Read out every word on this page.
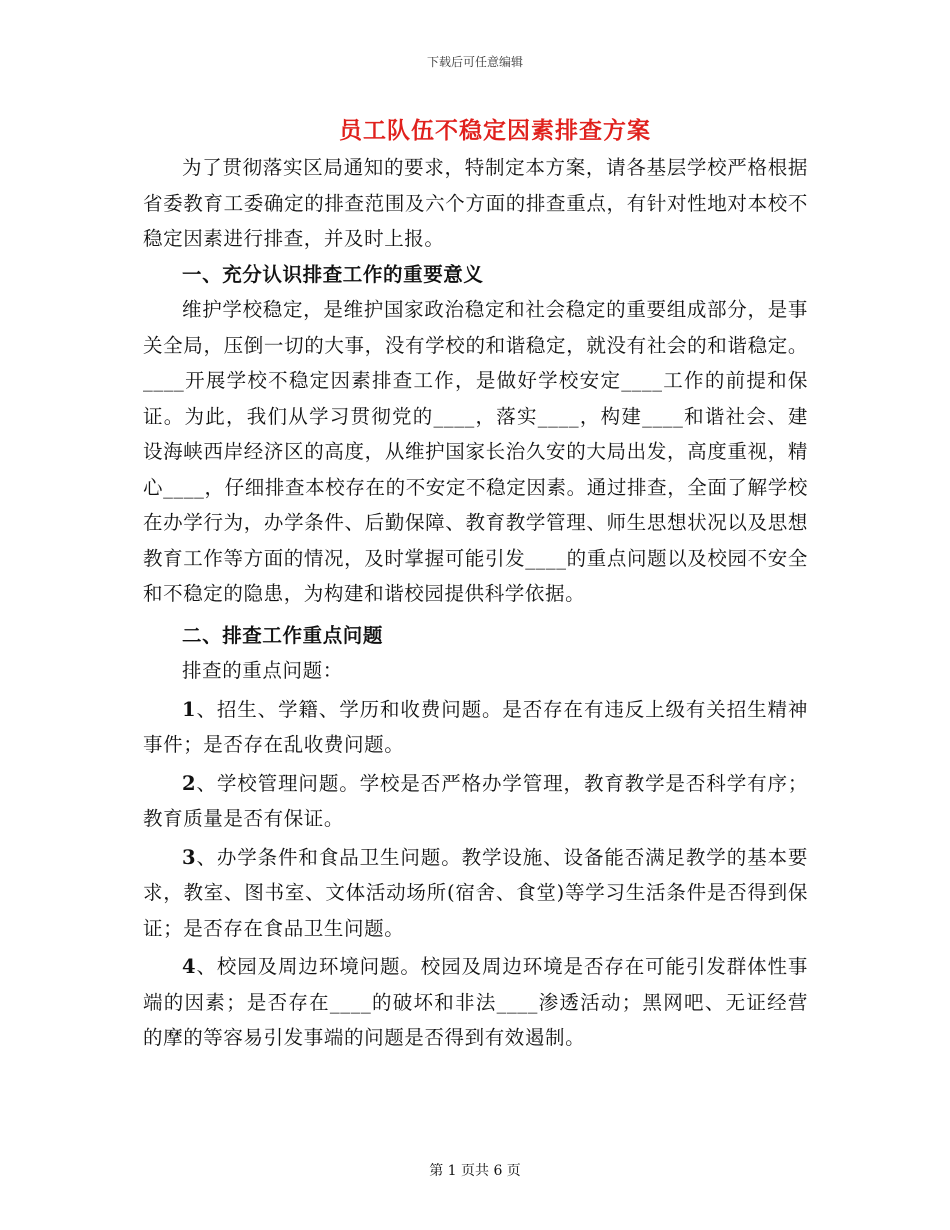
下载后可任意编辑
员工队伍不稳定因素排查方案

为了贯彻落实区局通知的要求，特制定本方案，请各基层学校严格根据省委教育工委确定的排查范围及六个方面的排查重点，有针对性地对本校不稳定因素进行排查，并及时上报。

一、充分认识排查工作的重要意义

维护学校稳定，是维护国家政治稳定和社会稳定的重要组成部分，是事关全局，压倒一切的大事，没有学校的和谐稳定，就没有社会的和谐稳定。____开展学校不稳定因素排查工作，是做好学校安定____工作的前提和保证。为此，我们从学习贯彻党的____，落实____，构建____和谐社会、建设海峡西岸经济区的高度，从维护国家长治久安的大局出发，高度重视，精心____，仔细排查本校存在的不安定不稳定因素。通过排查，全面了解学校在办学行为，办学条件、后勤保障、教育教学管理、师生思想状况以及思想教育工作等方面的情况，及时掌握可能引发____的重点问题以及校园不安全和不稳定的隐患，为构建和谐校园提供科学依据。

二、排查工作重点问题

排查的重点问题：

1、招生、学籍、学历和收费问题。是否存在有违反上级有关招生精神事件；是否存在乱收费问题。

2、学校管理问题。学校是否严格办学管理，教育教学是否科学有序；教育质量是否有保证。

3、办学条件和食品卫生问题。教学设施、设备能否满足教学的基本要求，教室、图书室、文体活动场所(宿舍、食堂)等学习生活条件是否得到保证；是否存在食品卫生问题。

4、校园及周边环境问题。校园及周边环境是否存在可能引发群体性事端的因素；是否存在____的破坏和非法____渗透活动；黑网吧、无证经营的摩的等容易引发事端的问题是否得到有效遏制。

第 1 页共 6 页
